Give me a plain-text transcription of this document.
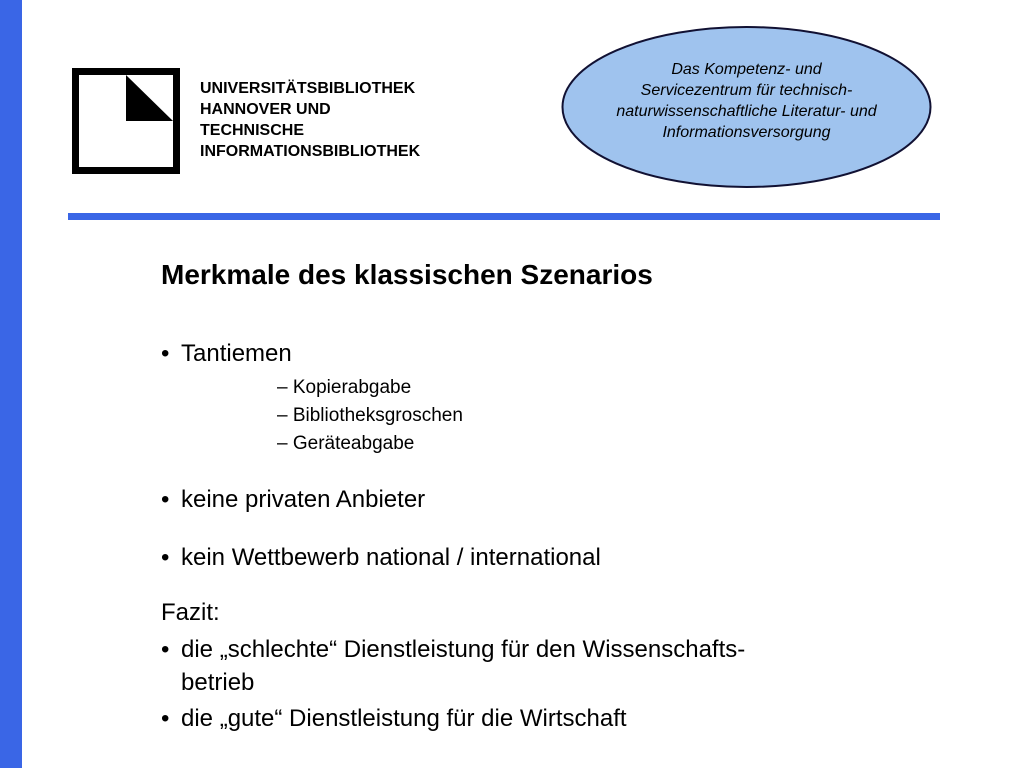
UNIVERSITÄTSBIBLIOTHEK
HANNOVER UND
TECHNISCHE
INFORMATIONSBIBLIOTHEK
Das Kompetenz- und
Servicezentrum für technisch-
naturwissenschaftliche Literatur- und
Informationsversorgung
Merkmale des klassischen Szenarios
• Tantiemen
– Kopierabgabe
– Bibliotheksgroschen
– Geräteabgabe
• keine privaten Anbieter
• kein Wettbewerb national / international
Fazit:
• die „schlechte“ Dienstleistung für den Wissenschafts-
betrieb
• die „gute“ Dienstleistung für die Wirtschaft
